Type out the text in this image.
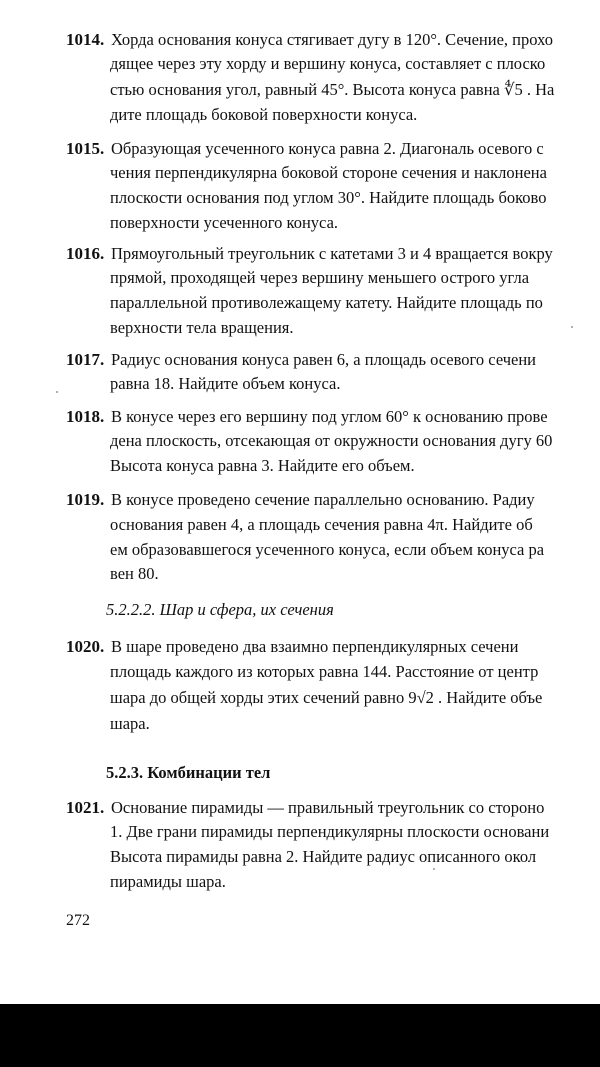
1014. Хорда основания конуса стягивает дугу в 120°. Сечение, прохо
дящее через эту хорду и вершину конуса, составляет с плоско
стью основания угол, равный 45°. Высота конуса равна ∜5 . На
дите площадь боковой поверхности конуса.
1015. Образующая усеченного конуса равна 2. Диагональ осевого с
чения перпендикулярна боковой стороне сечения и наклонена
плоскости основания под углом 30°. Найдите площадь боково
поверхности усеченного конуса.
1016. Прямоугольный треугольник с катетами 3 и 4 вращается вокру
прямой, проходящей через вершину меньшего острого угла
параллельной противолежащему катету. Найдите площадь по
верхности тела вращения.
1017. Радиус основания конуса равен 6, а площадь осевого сечени
равна 18. Найдите объем конуса.
1018. В конусе через его вершину под углом 60° к основанию прове
дена плоскость, отсекающая от окружности основания дугу 60
Высота конуса равна 3. Найдите его объем.
1019. В конусе проведено сечение параллельно основанию. Радиу
основания равен 4, а площадь сечения равна 4π. Найдите об
ем образовавшегося усеченного конуса, если объем конуса ра
вен 80.
5.2.2.2. Шар и сфера, их сечения
1020. В шаре проведено два взаимно перпендикулярных сечени
площадь каждого из которых равна 144. Расстояние от центр
шара до общей хорды этих сечений равно 9√2 . Найдите объе
шара.
5.2.3. Комбинации тел
1021. Основание пирамиды — правильный треугольник со стороно
1. Две грани пирамиды перпендикулярны плоскости основани
Высота пирамиды равна 2. Найдите радиус описанного окол
пирамиды шара.
272
